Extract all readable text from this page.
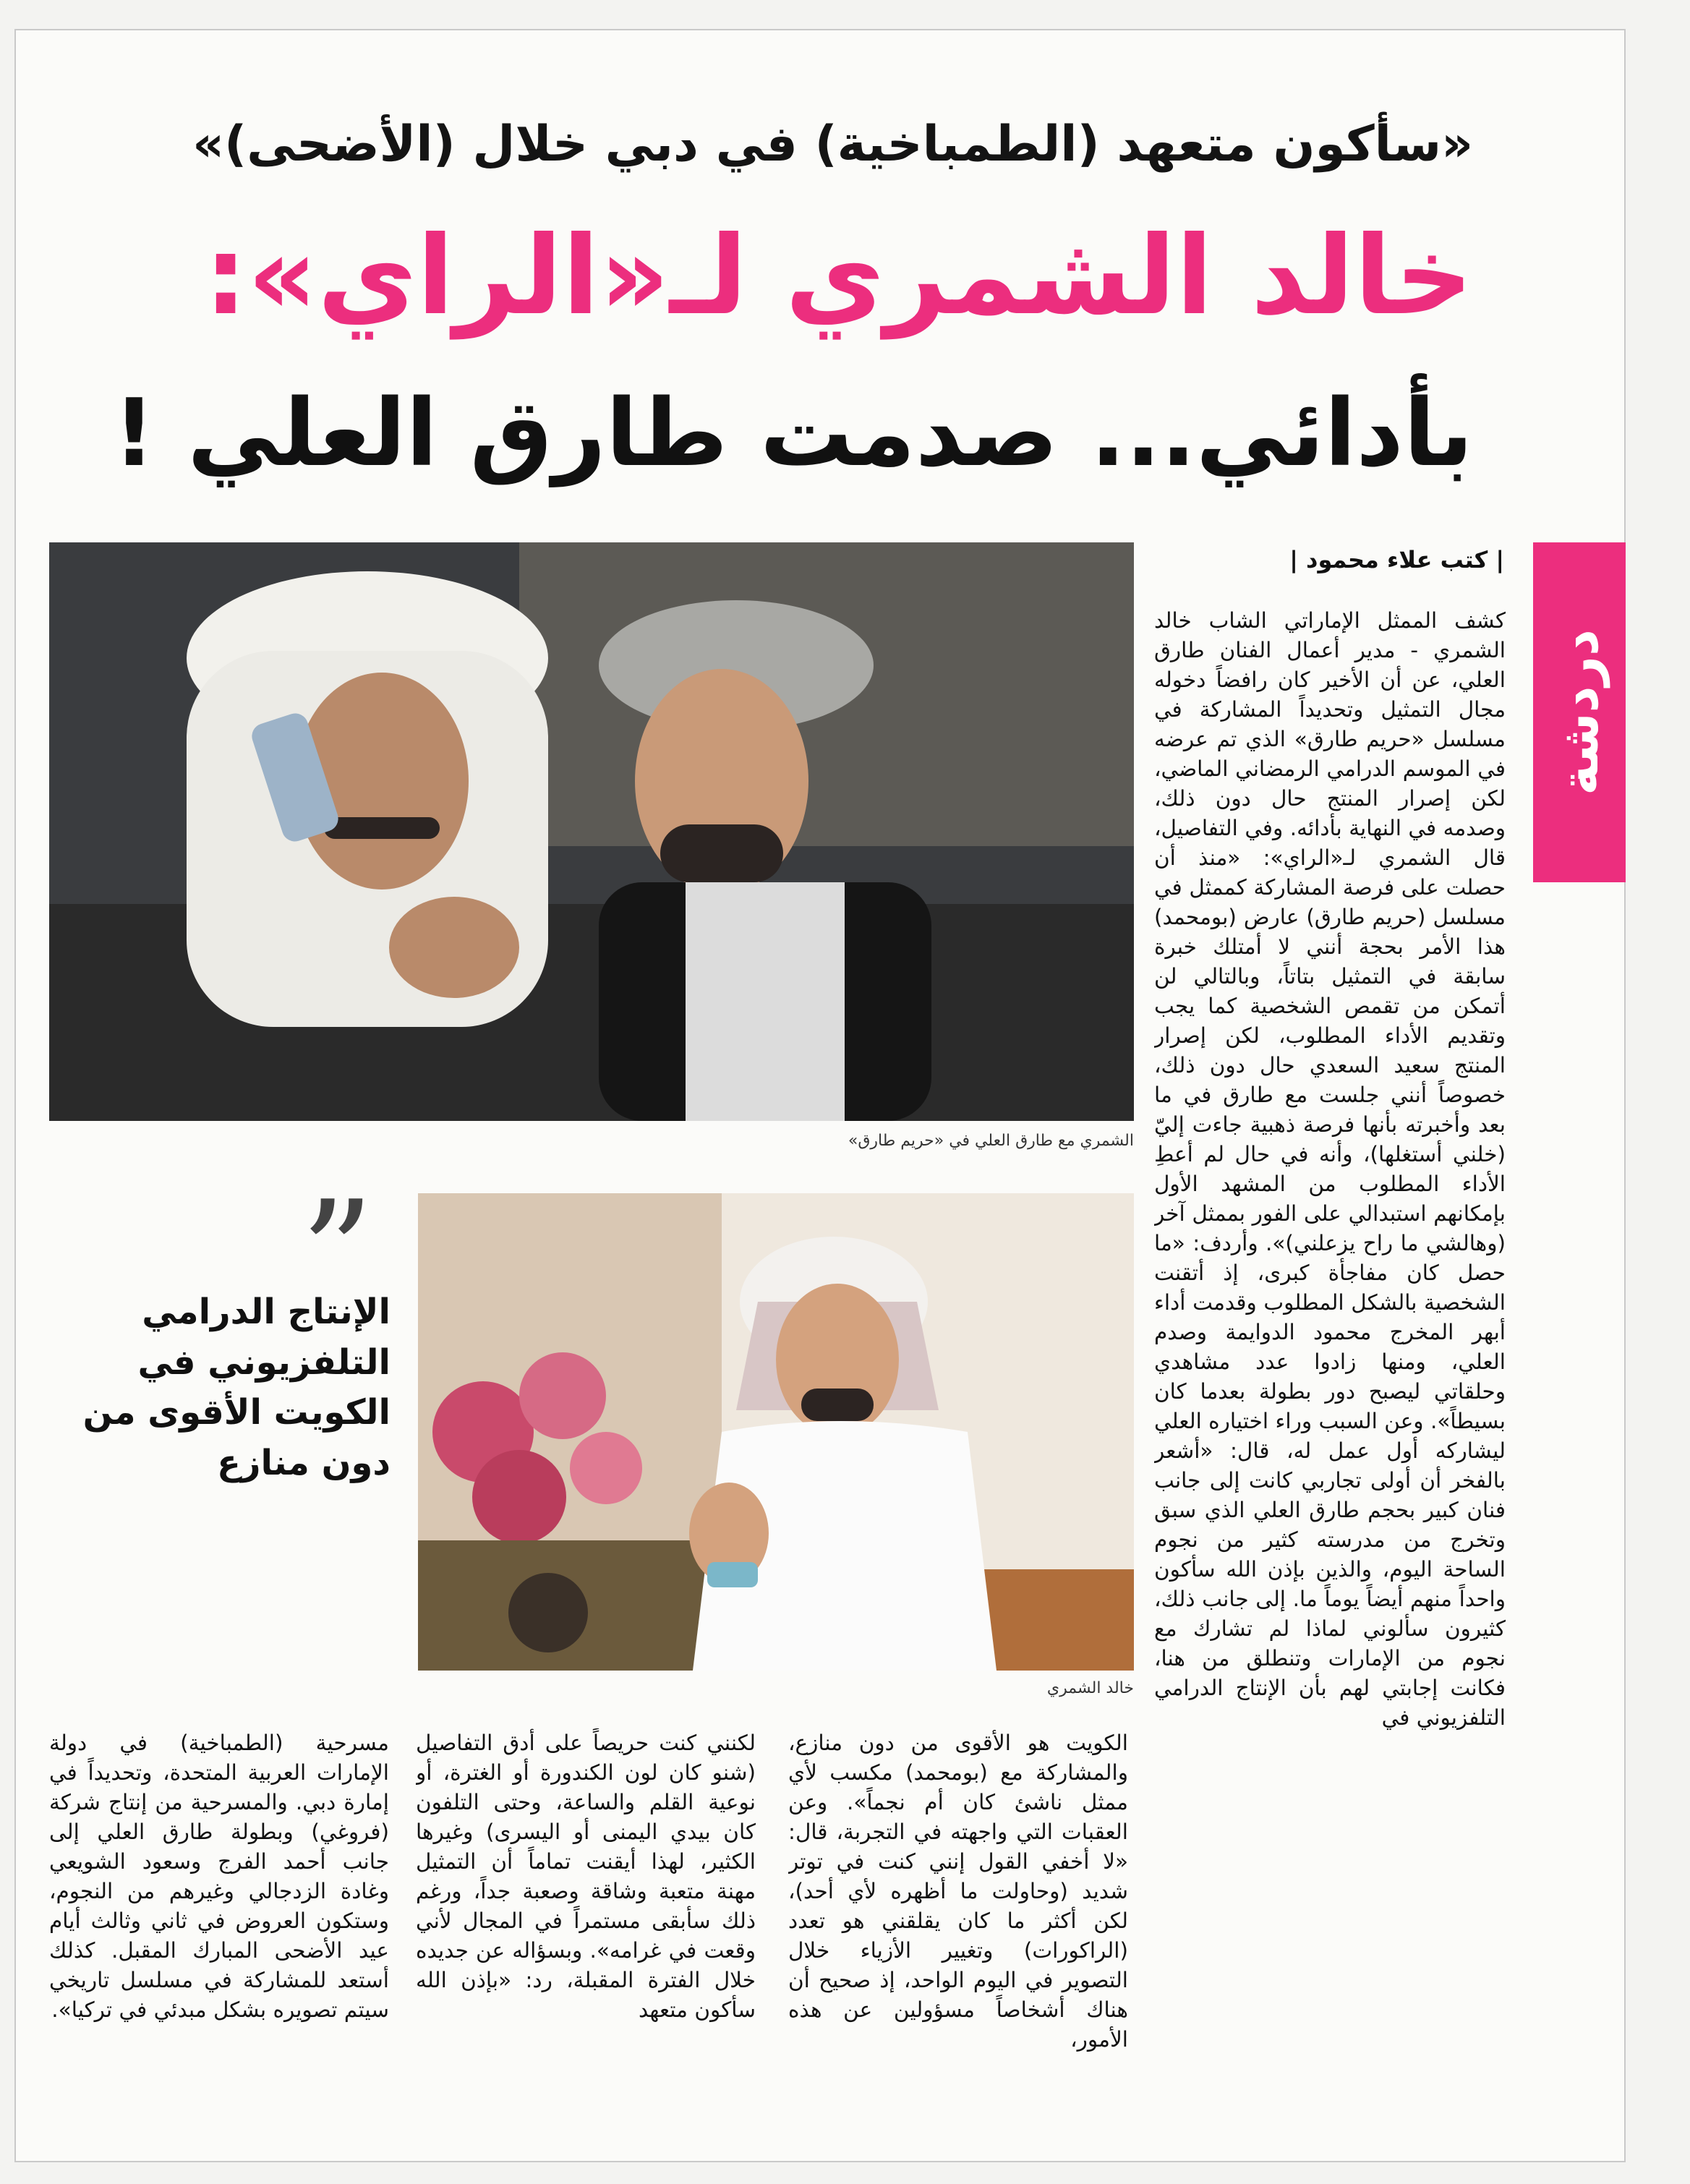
«سأكون متعهد (الطمباخية) في دبي خلال (الأضحى)»
خالد الشمري لـ«الراي»:
بأدائي... صدمت طارق العلي !
دردشة
| كتب علاء محمود |
الشمري مع طارق العلي في «حريم طارق»
خالد الشمري
”
الإنتاج الدرامي التلفزيوني في الكويت الأقوى من دون منازع

كشف الممثل الإماراتي الشاب خالد الشمري - مدير أعمال الفنان طارق العلي، عن أن الأخير كان رافضاً دخوله مجال التمثيل وتحديداً المشاركة في مسلسل «حريم طارق» الذي تم عرضه في الموسم الدرامي الرمضاني الماضي، لكن إصرار المنتج حال دون ذلك، وصدمه في النهاية بأدائه. وفي التفاصيل، قال الشمري لـ«الراي»: «منذ أن حصلت على فرصة المشاركة كممثل في مسلسل (حريم طارق) عارض (بومحمد) هذا الأمر بحجة أنني لا أمتلك خبرة سابقة في التمثيل بتاتاً، وبالتالي لن أتمكن من تقمص الشخصية كما يجب وتقديم الأداء المطلوب، لكن إصرار المنتج سعيد السعدي حال دون ذلك، خصوصاً أنني جلست مع طارق في ما بعد وأخبرته بأنها فرصة ذهبية جاءت إليّ (خلني أستغلها)، وأنه في حال لم أعطِ الأداء المطلوب من المشهد الأول بإمكانهم استبدالي على الفور بممثل آخر (وهالشي ما راح يزعلني)». وأردف: «ما حصل كان مفاجأة كبرى، إذ أتقنت الشخصية بالشكل المطلوب وقدمت أداء أبهر المخرج محمود الدوايمة وصدم العلي، ومنها زادوا عدد مشاهدي وحلقاتي ليصبح دور بطولة بعدما كان بسيطاً». وعن السبب وراء اختياره العلي ليشاركه أول عمل له، قال: «أشعر بالفخر أن أولى تجاربي كانت إلى جانب فنان كبير بحجم طارق العلي الذي سبق وتخرج من مدرسته كثير من نجوم الساحة اليوم، والذين بإذن الله سأكون واحداً منهم أيضاً يوماً ما. إلى جانب ذلك، كثيرون سألوني لماذا لم تشارك مع نجوم من الإمارات وتنطلق من هنا، فكانت إجابتي لهم بأن الإنتاج الدرامي التلفزيوني في

الكويت هو الأقوى من دون منازع، والمشاركة مع (بومحمد) مكسب لأي ممثل ناشئ كان أم نجماً». وعن العقبات التي واجهته في التجربة، قال: «لا أخفي القول إنني كنت في توتر شديد (وحاولت ما أظهره لأي أحد)، لكن أكثر ما كان يقلقني هو تعدد (الراكورات) وتغيير الأزياء خلال التصوير في اليوم الواحد، إذ صحيح أن هناك أشخاصاً مسؤولين عن هذه الأمور،

لكنني كنت حريصاً على أدق التفاصيل (شنو كان لون الكندورة أو الغترة، أو نوعية القلم والساعة، وحتى التلفون كان بيدي اليمنى أو اليسرى) وغيرها الكثير، لهذا أيقنت تماماً أن التمثيل مهنة متعبة وشاقة وصعبة جداً، ورغم ذلك سأبقى مستمراً في المجال لأني وقعت في غرامه». وبسؤاله عن جديده خلال الفترة المقبلة، رد: «بإذن الله سأكون متعهد

مسرحية (الطمباخية) في دولة الإمارات العربية المتحدة، وتحديداً في إمارة دبي. والمسرحية من إنتاج شركة (فروغي) وبطولة طارق العلي إلى جانب أحمد الفرج وسعود الشويعي وغادة الزدجالي وغيرهم من النجوم، وستكون العروض في ثاني وثالث أيام عيد الأضحى المبارك المقبل. كذلك أستعد للمشاركة في مسلسل تاريخي سيتم تصويره بشكل مبدئي في تركيا».
